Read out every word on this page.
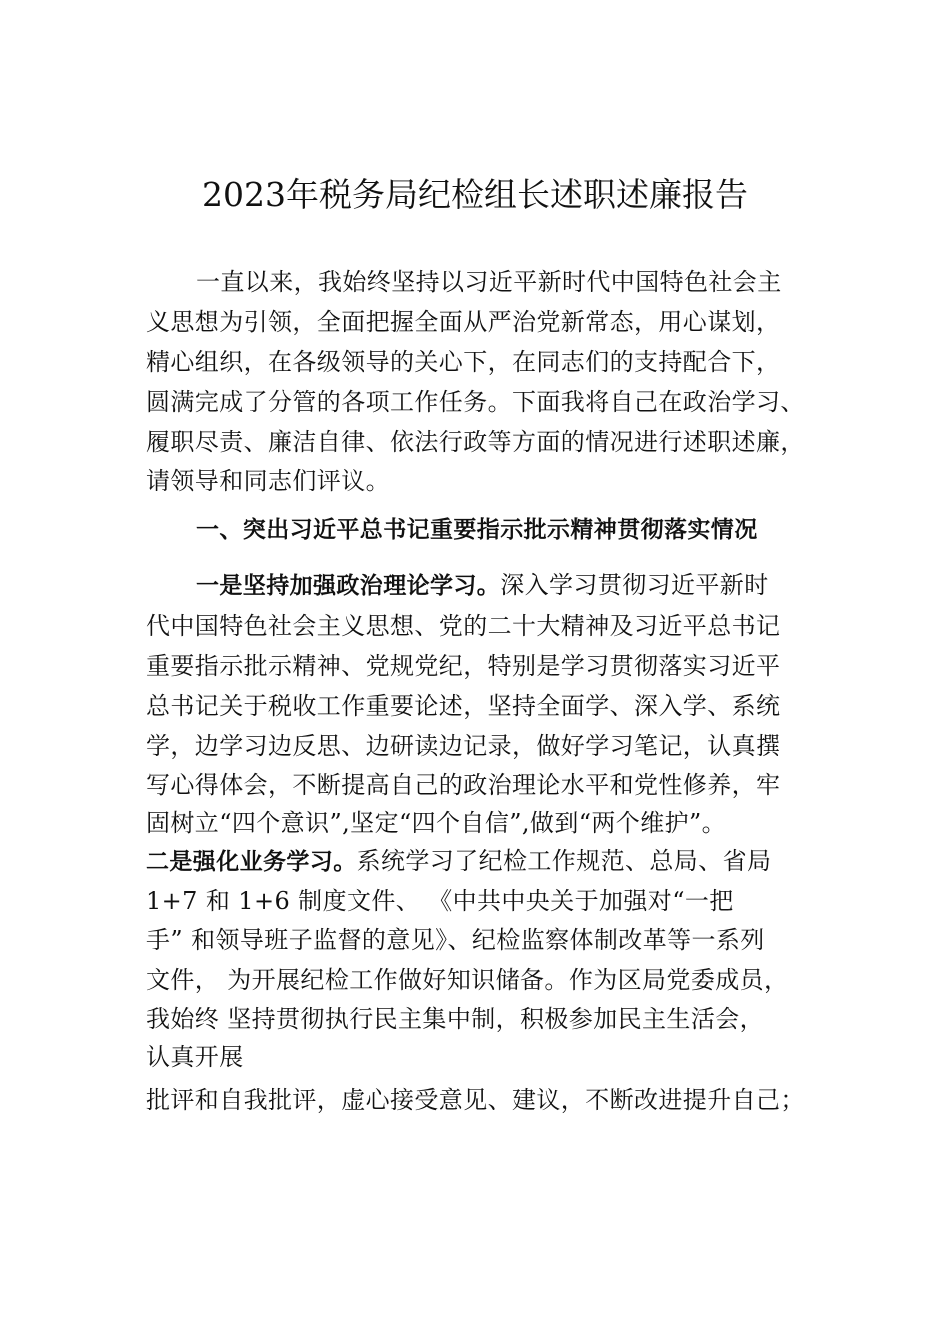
2023年税务局纪检组长述职述廉报告
一直以来，我始终坚持以习近平新时代中国特色社会主
义思想为引领，全面把握全面从严治党新常态，用心谋划，
精心组织，在各级领导的关心下，在同志们的支持配合下，
圆满完成了分管的各项工作任务。下面我将自己在政治学习、
履职尽责、廉洁自律、依法行政等方面的情况进行述职述廉，
请领导和同志们评议。
一、突出习近平总书记重要指示批示精神贯彻落实情况
一是坚持加强政治理论学习。深入学习贯彻习近平新时
代中国特色社会主义思想、党的二十大精神及习近平总书记
重要指示批示精神、党规党纪，特别是学习贯彻落实习近平
总书记关于税收工作重要论述，坚持全面学、深入学、系统
学，边学习边反思、边研读边记录，做好学习笔记，认真撰
写心得体会，不断提高自己的政治理论水平和党性修养，牢
固树立“四个意识”,坚定“四个自信”,做到“两个维护”。
二是强化业务学习。系统学习了纪检工作规范、总局、省局
1+7 和 1+6 制度文件、 《中共中央关于加强对“一把
手” 和领导班子监督的意见》、纪检监察体制改革等一系列
文件， 为开展纪检工作做好知识储备。作为区局党委成员，
我始终 坚持贯彻执行民主集中制，积极参加民主生活会，
认真开展
批评和自我批评，虚心接受意见、建议，不断改进提升自己；
